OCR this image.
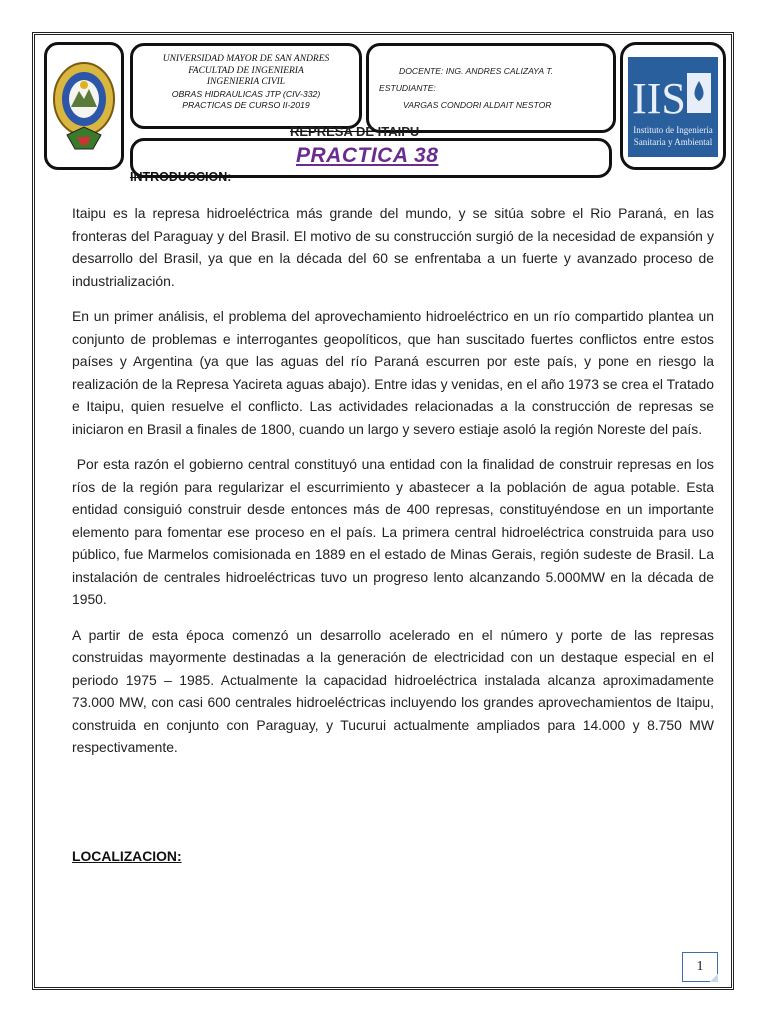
UNIVERSIDAD MAYOR DE SAN ANDRES
FACULTAD DE INGENIERIA
INGENIERIA CIVIL
OBRAS HIDRAULICAS JTP (CIV-332)
PRACTICAS DE CURSO II-2019
DOCENTE: ING. ANDRES CALIZAYA T.
ESTUDIANTE:
VARGAS CONDORI ALDAIT NESTOR IIS
Instituto de Ingeniería
Sanitaria y Ambiental
REPRESA DE ITAIPU
PRACTICA 38
INTRODUCCION:

Itaipu es la represa hidroeléctrica más grande del mundo, y se sitúa sobre el Rio Paraná, en las fronteras del Paraguay y del Brasil. El motivo de su construcción surgió de la necesidad de expansión y desarrollo del Brasil, ya que en la década del 60 se enfrentaba a un fuerte y avanzado proceso de industrialización.

En un primer análisis, el problema del aprovechamiento hidroeléctrico en un río compartido plantea un conjunto de problemas e interrogantes geopolíticos, que han suscitado fuertes conflictos entre estos países y Argentina (ya que las aguas del río Paraná escurren por este país, y pone en riesgo la realización de la Represa Yacireta aguas abajo). Entre idas y venidas, en el año 1973 se crea el Tratado e Itaipu, quien resuelve el conflicto. Las actividades relacionadas a la construcción de represas se iniciaron en Brasil a finales de 1800, cuando un largo y severo estiaje asoló la región Noreste del país.

Por esta razón el gobierno central constituyó una entidad con la finalidad de construir represas en los ríos de la región para regularizar el escurrimiento y abastecer a la población de agua potable. Esta entidad consiguió construir desde entonces más de 400 represas, constituyéndose en un importante elemento para fomentar ese proceso en el país. La primera central hidroeléctrica construida para uso público, fue Marmelos comisionada en 1889 en el estado de Minas Gerais, región sudeste de Brasil. La instalación de centrales hidroeléctricas tuvo un progreso lento alcanzando 5.000MW en la década de 1950.

A partir de esta época comenzó un desarrollo acelerado en el número y porte de las represas construidas mayormente destinadas a la generación de electricidad con un destaque especial en el periodo 1975 – 1985. Actualmente la capacidad hidroeléctrica instalada alcanza aproximadamente 73.000 MW, con casi 600 centrales hidroeléctricas incluyendo los grandes aprovechamientos de Itaipu, construida en conjunto con Paraguay, y Tucurui actualmente ampliados para 14.000 y 8.750 MW respectivamente.

LOCALIZACION:
1
